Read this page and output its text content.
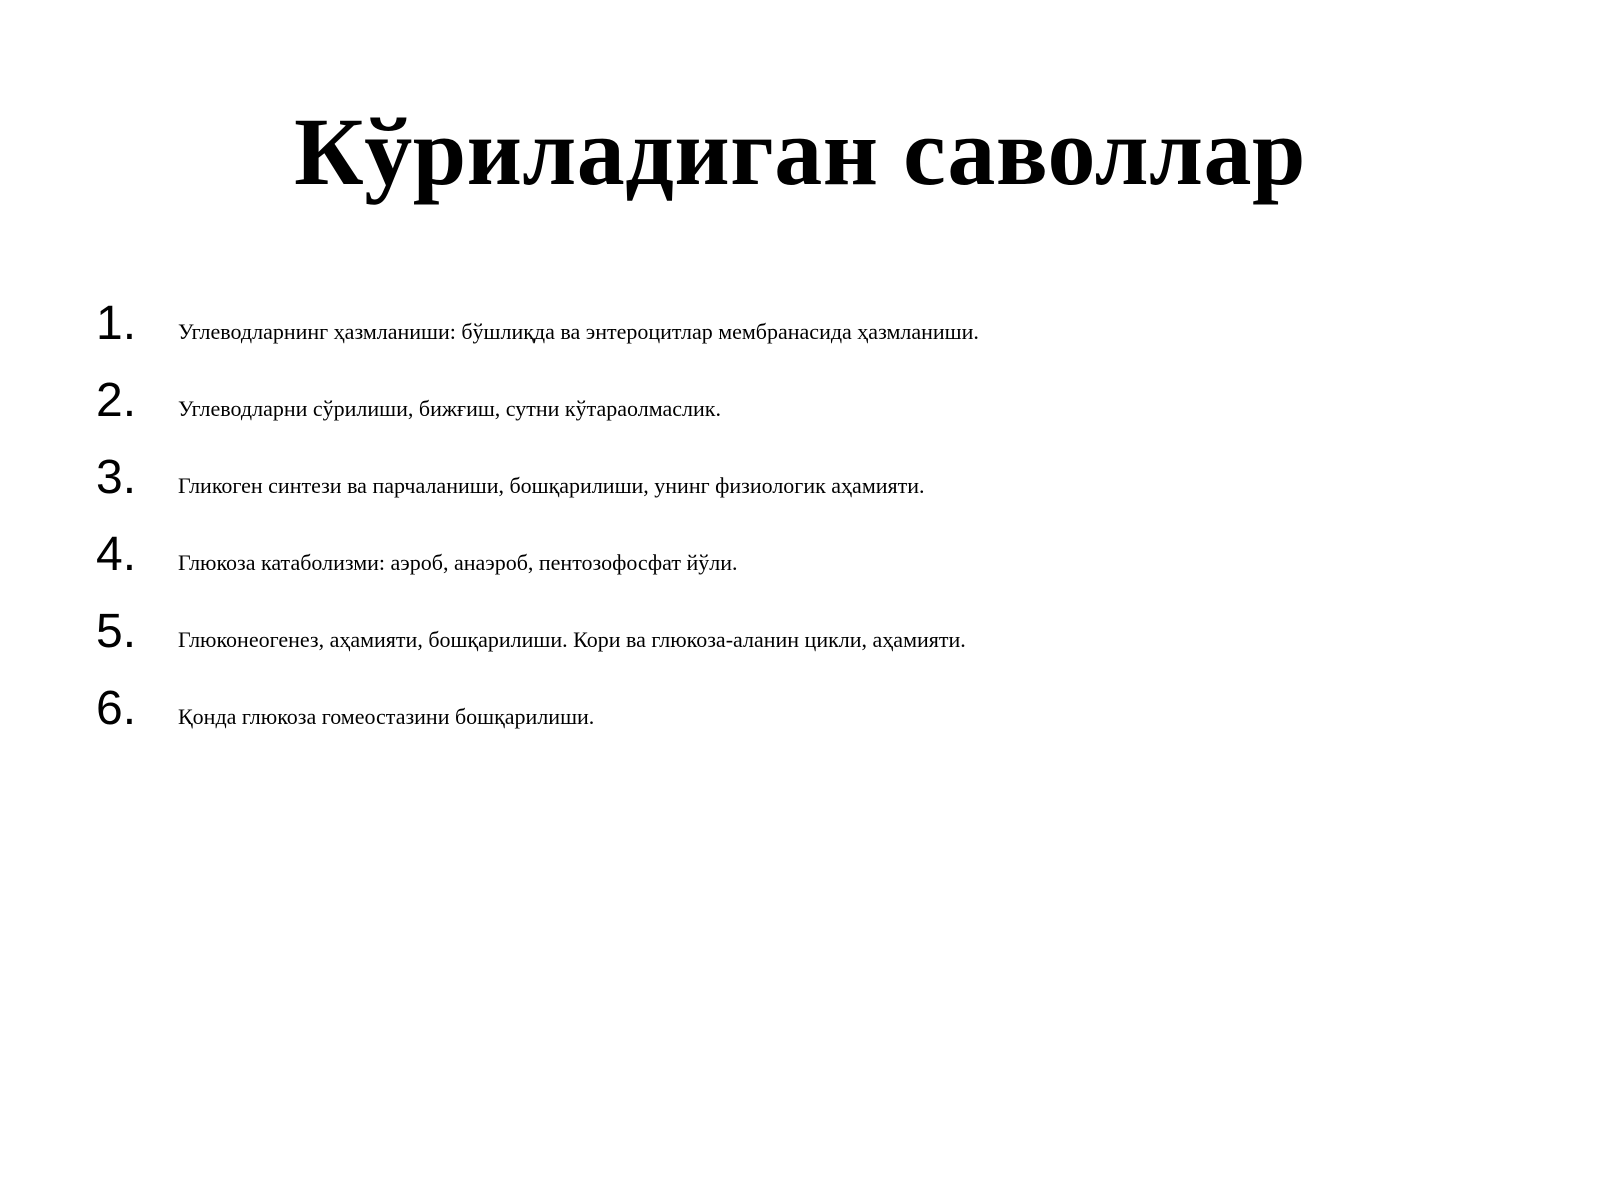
Кўриладиган саволлар
1.	Углеводларнинг ҳазмланиши: бўшлиқда ва энтероцитлар мембранасида ҳазмланиши.
2.	Углеводларни сўрилиши, бижғиш, сутни кўтараолмаслик.
3.	Гликоген синтези ва парчаланиши, бошқарилиши, унинг физиологик аҳамияти.
4.	Глюкоза катаболизми: аэроб, анаэроб, пентозофосфат йўли.
5.	Глюконеогенез, аҳамияти, бошқарилиши. Кори ва глюкоза-аланин цикли, аҳамияти.
6.	Қонда глюкоза гомеостазини бошқарилиши.
